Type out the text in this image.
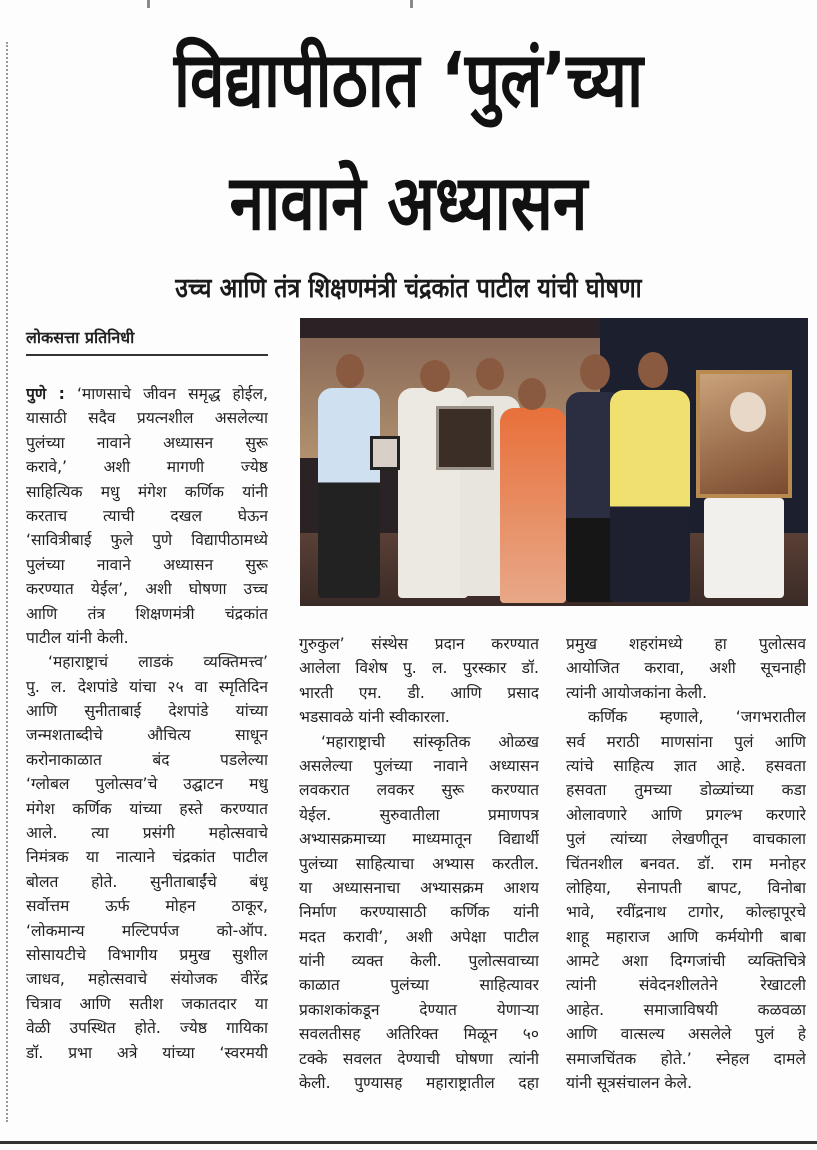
विद्यापीठात ‘पुलं’च्या
नावाने अध्यासन
उच्च आणि तंत्र शिक्षणमंत्री चंद्रकांत पाटील यांची घोषणा
लोकसत्ता प्रतिनिधी
पुणे : ‘माणसाचे जीवन समृद्ध होईल,
यासाठी सदैव प्रयत्नशील असलेल्या
पुलंच्या नावाने अध्यासन सुरू
करावे,’ अशी मागणी ज्येष्ठ
साहित्यिक मधु मंगेश कर्णिक यांनी
करताच त्याची दखल घेऊन
‘सावित्रीबाई फुले पुणे विद्यापीठामध्ये
पुलंच्या नावाने अध्यासन सुरू
करण्यात येईल’, अशी घोषणा उच्च
आणि तंत्र शिक्षणमंत्री चंद्रकांत
पाटील यांनी केली.
‘महाराष्ट्राचं लाडकं व्यक्तिमत्त्व’
पु. ल. देशपांडे यांचा २५ वा स्मृतिदिन
आणि सुनीताबाई देशपांडे यांच्या
जन्मशताब्दीचे औचित्य साधून
करोनाकाळात बंद पडलेल्या
‘ग्लोबल पुलोत्सव’चे उद्घाटन मधु
मंगेश कर्णिक यांच्या हस्ते करण्यात
आले. त्या प्रसंगी महोत्सवाचे
निमंत्रक या नात्याने चंद्रकांत पाटील
बोलत होते. सुनीताबाईंचे बंधू
सर्वोत्तम ऊर्फ मोहन ठाकूर,
‘लोकमान्य मल्टिपर्पज को-ऑप.
सोसायटीचे विभागीय प्रमुख सुशील
जाधव, महोत्सवाचे संयोजक वीरेंद्र
चित्राव आणि सतीश जकातदार या
वेळी उपस्थित होते. ज्येष्ठ गायिका
डॉ. प्रभा अत्रे यांच्या ‘स्वरमयी
गुरुकुल’ संस्थेस प्रदान करण्यात
आलेला विशेष पु. ल. पुरस्कार डॉ.
भारती एम. डी. आणि प्रसाद
भडसावळे यांनी स्वीकारला.
‘महाराष्ट्राची सांस्कृतिक ओळख
असलेल्या पुलंच्या नावाने अध्यासन
लवकरात लवकर सुरू करण्यात
येईल. सुरुवातीला प्रमाणपत्र
अभ्यासक्रमाच्या माध्यमातून विद्यार्थी
पुलंच्या साहित्याचा अभ्यास करतील.
या अध्यासनाचा अभ्यासक्रम आशय
निर्माण करण्यासाठी कर्णिक यांनी
मदत करावी’, अशी अपेक्षा पाटील
यांनी व्यक्त केली. पुलोत्सवाच्या
काळात पुलंच्या साहित्यावर
प्रकाशकांकडून देण्यात येणाऱ्या
सवलतीसह अतिरिक्त मिळून ५०
टक्के सवलत देण्याची घोषणा त्यांनी
केली. पुण्यासह महाराष्ट्रातील दहा
प्रमुख शहरांमध्ये हा पुलोत्सव
आयोजित करावा, अशी सूचनाही
त्यांनी आयोजकांना केली.
कर्णिक म्हणाले, ‘जगभरातील
सर्व मराठी माणसांना पुलं आणि
त्यांचे साहित्य ज्ञात आहे. हसवता
हसवता तुमच्या डोळ्यांच्या कडा
ओलावणारे आणि प्रगल्भ करणारे
पुलं त्यांच्या लेखणीतून वाचकाला
चिंतनशील बनवत. डॉ. राम मनोहर
लोहिया, सेनापती बापट, विनोबा
भावे, रवींद्रनाथ टागोर, कोल्हापूरचे
शाहू महाराज आणि कर्मयोगी बाबा
आमटे अशा दिग्गजांची व्यक्तिचित्रे
त्यांनी संवेदनशीलतेने रेखाटली
आहेत. समाजाविषयी कळवळा
आणि वात्सल्य असलेले पुलं हे
समाजचिंतक होते.’ स्नेहल दामले
यांनी सूत्रसंचालन केले.
